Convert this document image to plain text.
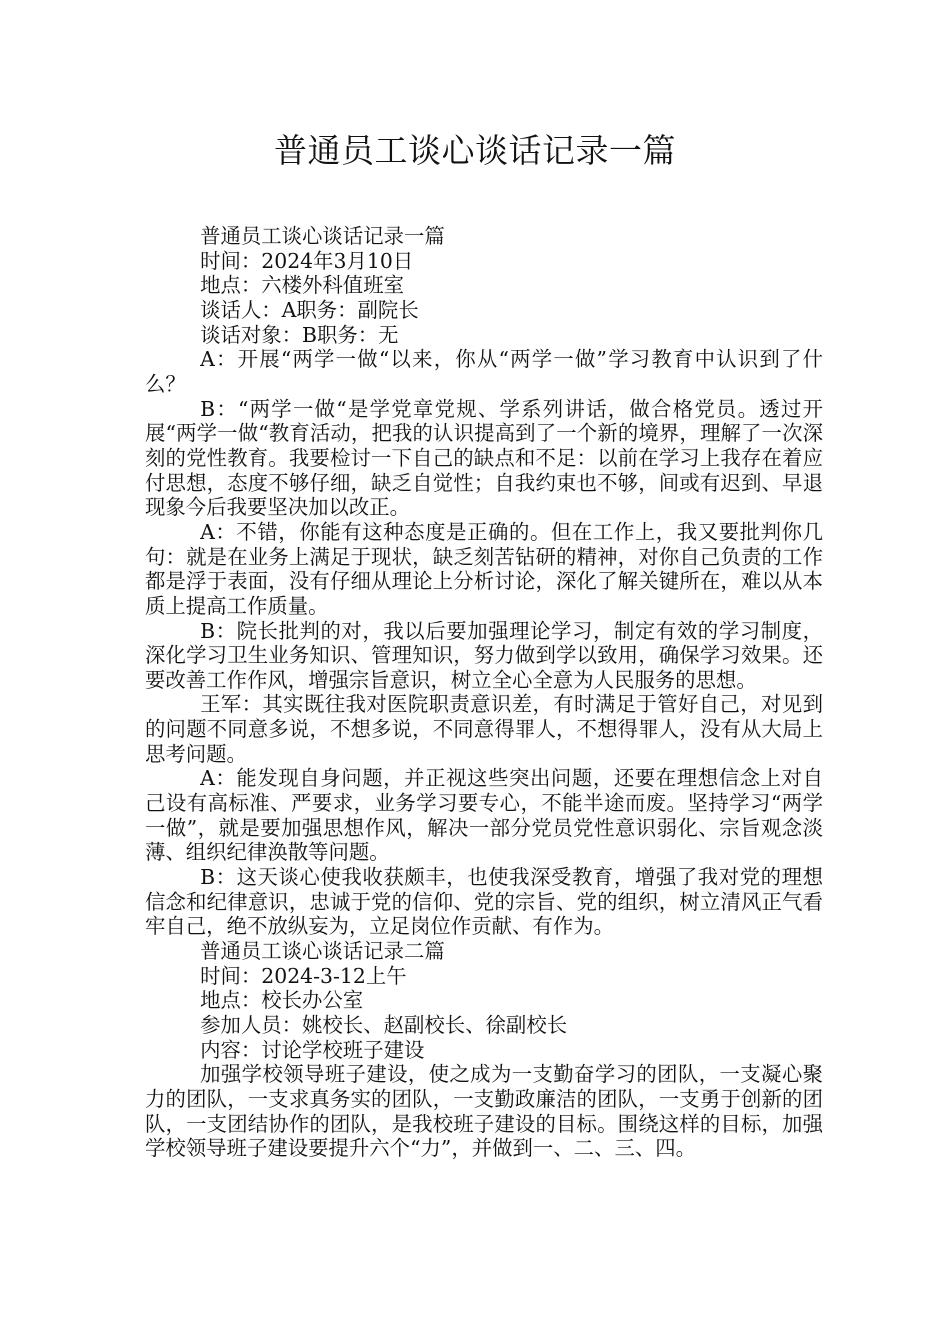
普通员工谈心谈话记录一篇

普通员工谈心谈话记录一篇

时间：2024年3月10日

地点：六楼外科值班室

谈话人：A职务：副院长

谈话对象：B职务：无

A：开展“两学一做“以来，你从“两学一做”学习教育中认识到了什么？

B：“两学一做“是学党章党规、学系列讲话，做合格党员。透过开展“两学一做“教育活动，把我的认识提高到了一个新的境界，理解了一次深刻的党性教育。我要检讨一下自己的缺点和不足：以前在学习上我存在着应付思想，态度不够仔细，缺乏自觉性；自我约束也不够，间或有迟到、早退现象今后我要坚决加以改正。

A：不错，你能有这种态度是正确的。但在工作上，我又要批判你几句：就是在业务上满足于现状，缺乏刻苦钻研的精神，对你自己负责的工作都是浮于表面，没有仔细从理论上分析讨论，深化了解关键所在，难以从本质上提高工作质量。

B：院长批判的对，我以后要加强理论学习，制定有效的学习制度，深化学习卫生业务知识、管理知识，努力做到学以致用，确保学习效果。还要改善工作作风，增强宗旨意识，树立全心全意为人民服务的思想。

王军：其实既往我对医院职责意识差，有时满足于管好自己，对见到的问题不同意多说，不想多说，不同意得罪人，不想得罪人，没有从大局上思考问题。

A：能发现自身问题，并正视这些突出问题，还要在理想信念上对自己设有高标准、严要求，业务学习要专心，不能半途而废。坚持学习“两学一做”，就是要加强思想作风，解决一部分党员党性意识弱化、宗旨观念淡薄、组织纪律涣散等问题。

B：这天谈心使我收获颇丰，也使我深受教育，增强了我对党的理想信念和纪律意识，忠诚于党的信仰、党的宗旨、党的组织，树立清风正气看牢自己，绝不放纵妄为，立足岗位作贡献、有作为。

普通员工谈心谈话记录二篇

时间：2024-3-12上午

地点：校长办公室

参加人员：姚校长、赵副校长、徐副校长

内容：讨论学校班子建设

加强学校领导班子建设，使之成为一支勤奋学习的团队，一支凝心聚力的团队，一支求真务实的团队，一支勤政廉洁的团队，一支勇于创新的团队，一支团结协作的团队，是我校班子建设的目标。围绕这样的目标，加强学校领导班子建设要提升六个“力”，并做到一、二、三、四。
